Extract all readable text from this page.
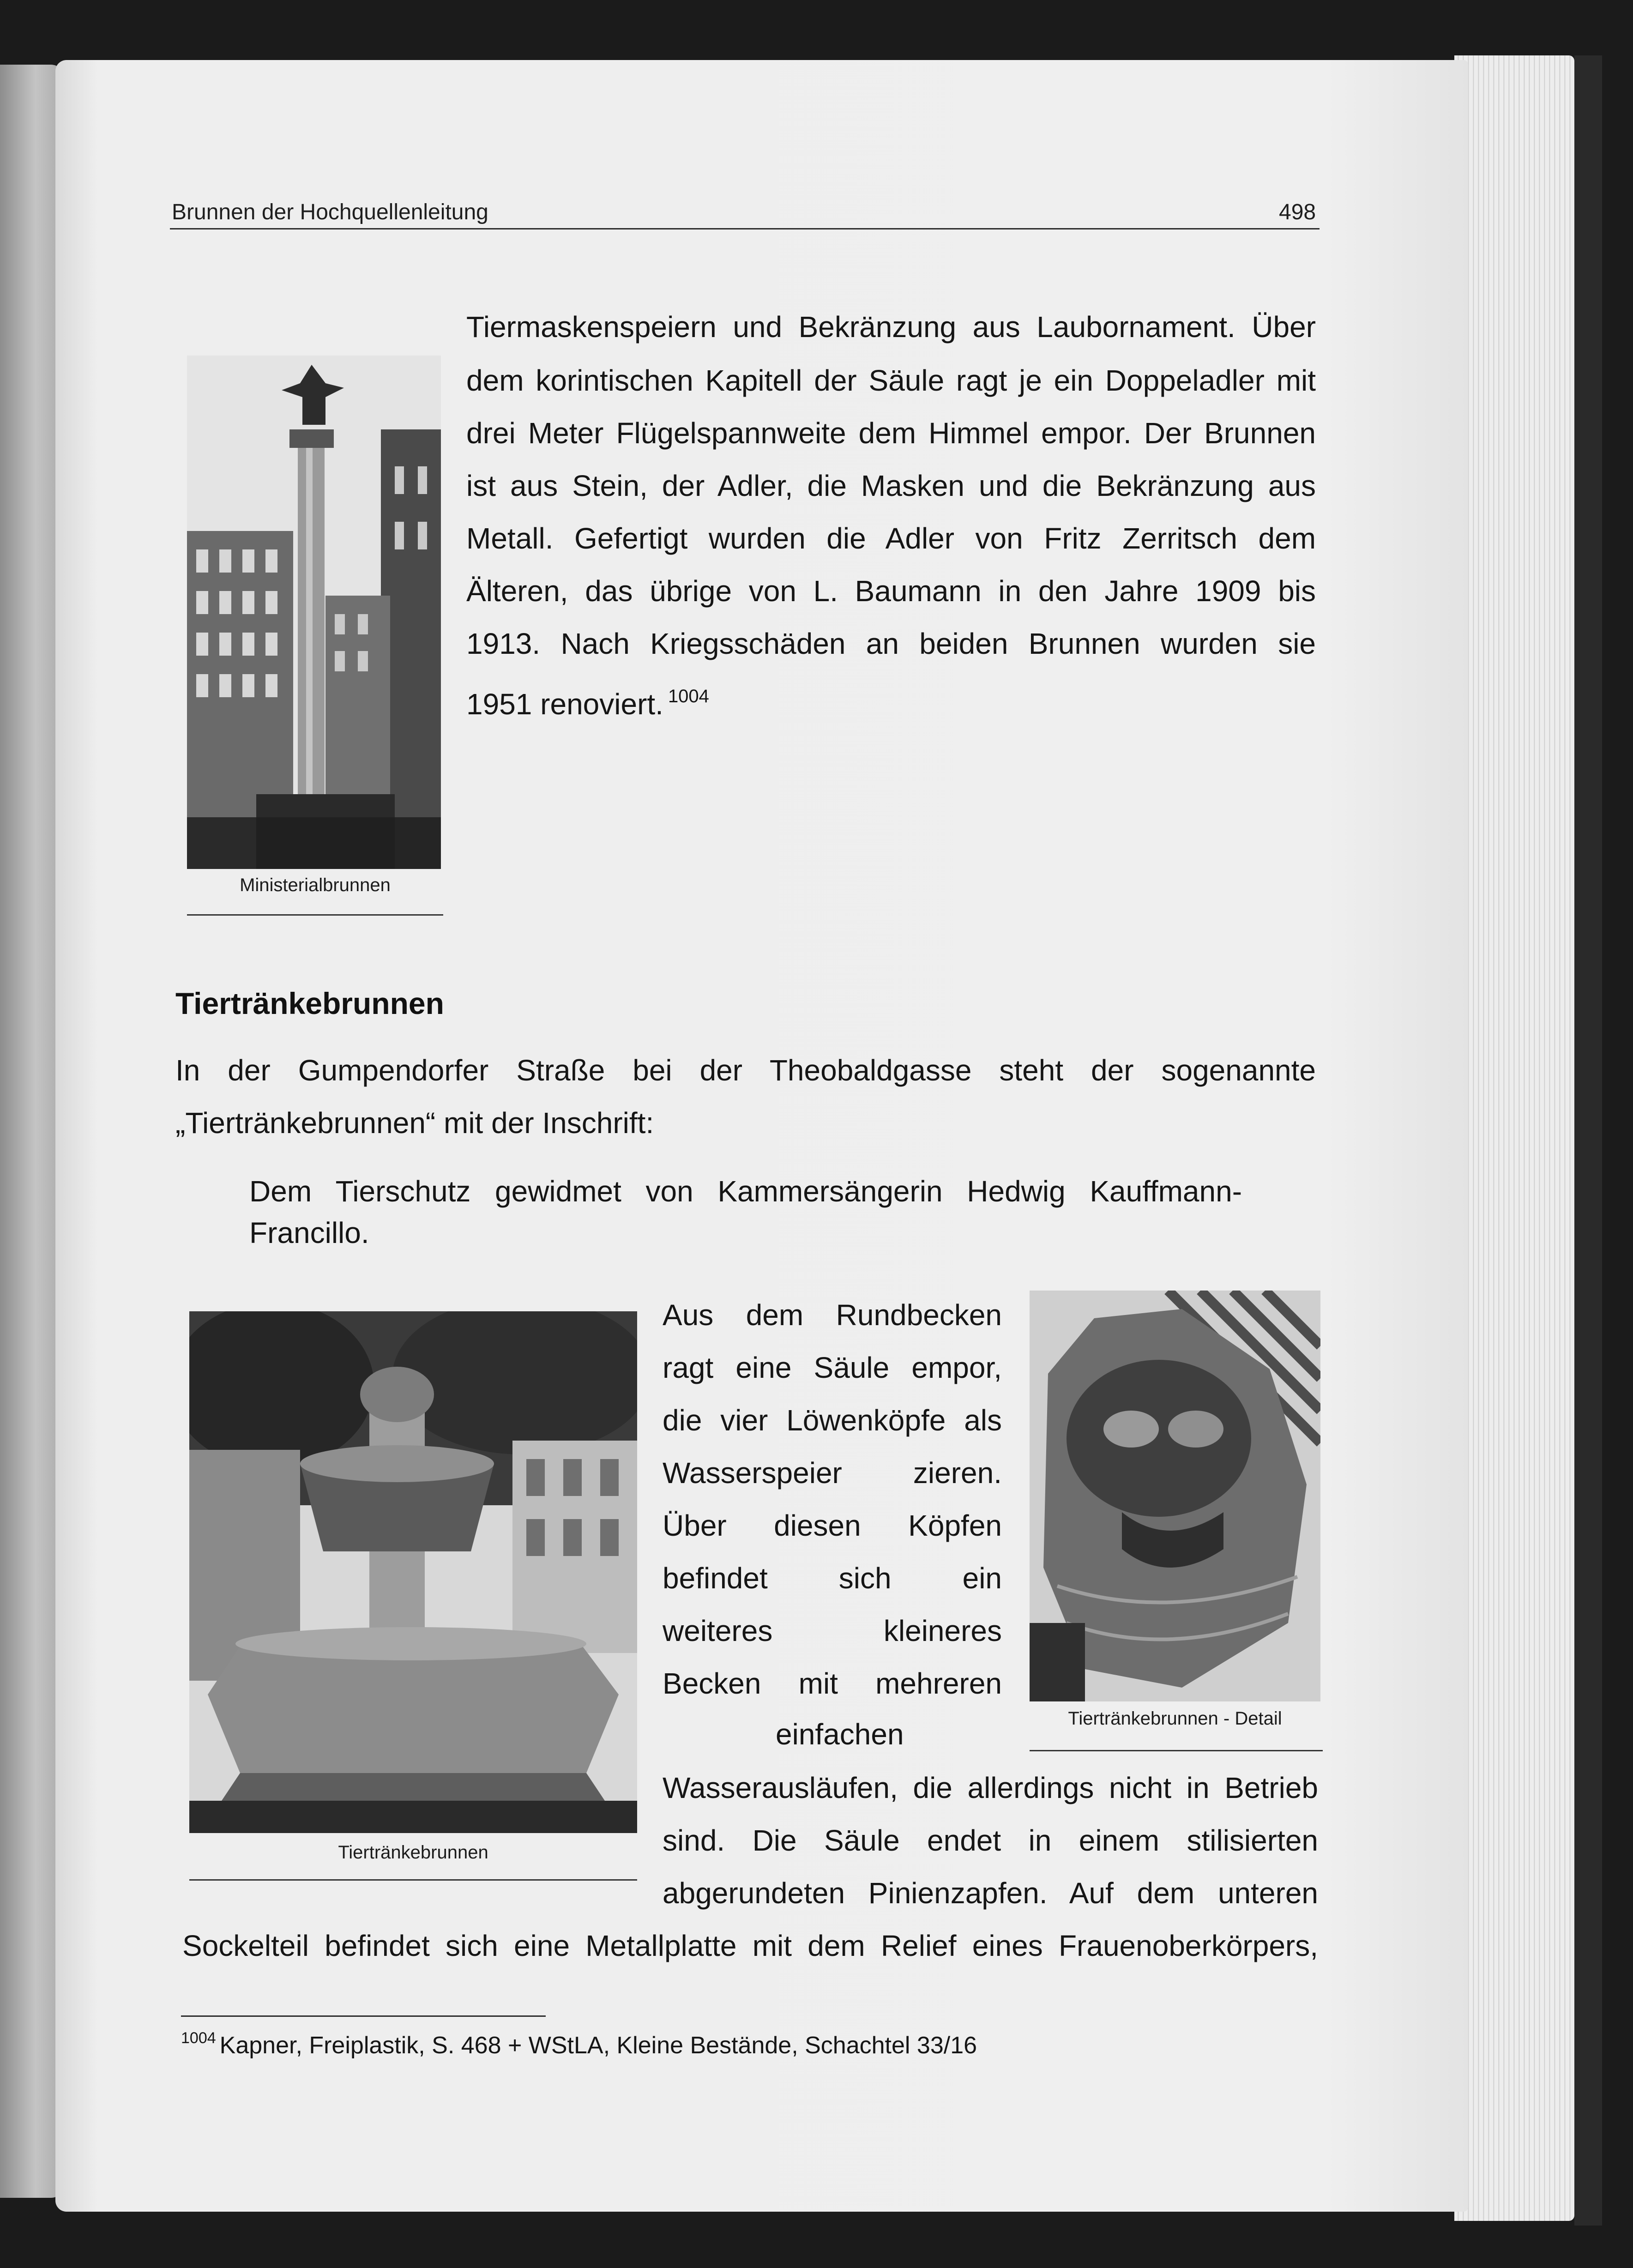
Brunnen der Hochquellenleitung	498
Ministerialbrunnen
Tiermaskenspeiern und Bekränzung aus Laubornament. Über
dem korintischen Kapitell der Säule ragt je ein Doppeladler mit
drei Meter Flügelspannweite dem Himmel empor. Der Brunnen
ist aus Stein, der Adler, die Masken und die Bekränzung aus
Metall. Gefertigt wurden die Adler von Fritz Zerritsch dem
Älteren, das übrige von L. Baumann in den Jahre 1909 bis
1913. Nach Kriegsschäden an beiden Brunnen wurden sie
1951 renoviert. $^{1004}$
Tiertränkebrunnen
In der Gumpendorfer Straße bei der Theobaldgasse steht der sogenannte
„Tiertränkebrunnen“ mit der Inschrift:
Dem Tierschutz gewidmet von Kammersängerin Hedwig Kauffmann-
Francillo.
Tiertränkebrunnen
Aus dem Rundbecken
ragt eine Säule empor,
die vier Löwenköpfe als
Wasserspeier zieren.
Über diesen Köpfen
befindet sich ein
weiteres kleineres
Becken mit mehreren
einfachen	Tiertränkebrunnen - Detail
Wasserausläufen, die allerdings nicht in Betrieb
sind. Die Säule endet in einem stilisierten
abgerundeten Pinienzapfen. Auf dem unteren
Sockelteil befindet sich eine Metallplatte mit dem Relief eines Frauenoberkörpers,
$^{1004}$ Kapner, Freiplastik, S. 468 + WStLA, Kleine Bestände, Schachtel 33/16
